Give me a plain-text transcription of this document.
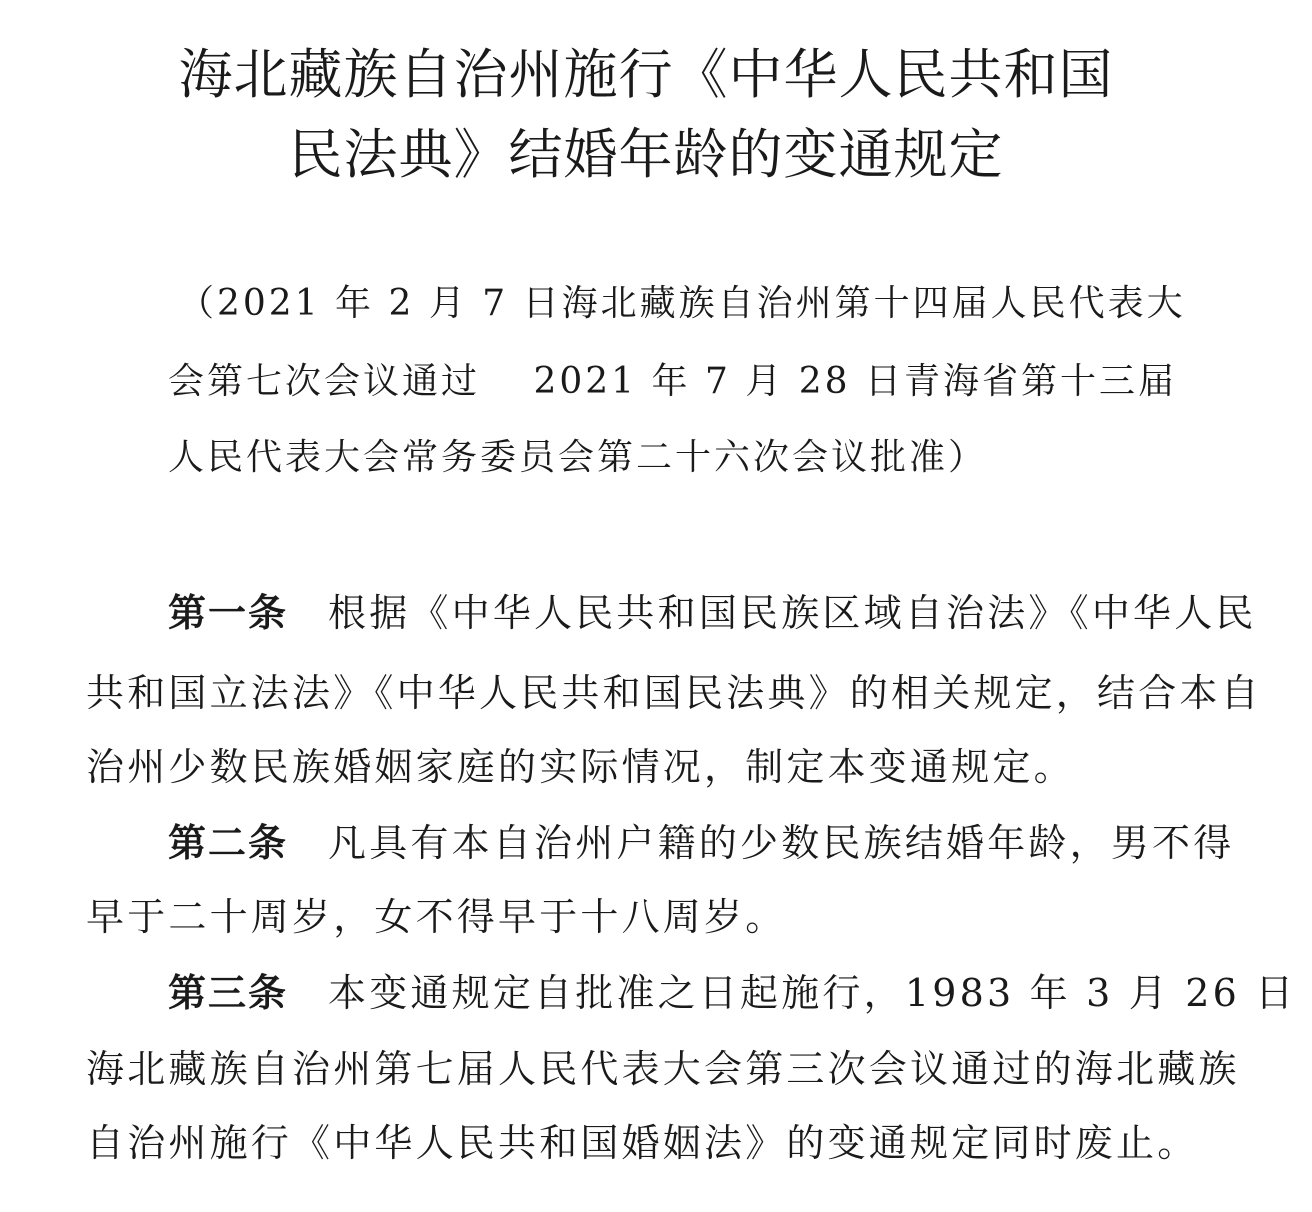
海北藏族自治州施行《中华人民共和国
民法典》结婚年龄的变通规定
（2021 年 2 月 7 日海北藏族自治州第十四届人民代表大
会第七次会议通过　 2021 年 7 月 28 日青海省第十三届
人民代表大会常务委员会第二十六次会议批准）
第一条 根据《中华人民共和国民族区域自治法》《中华人民
共和国立法法》《中华人民共和国民法典》的相关规定，结合本自
治州少数民族婚姻家庭的实际情况，制定本变通规定。
第二条 凡具有本自治州户籍的少数民族结婚年龄，男不得
早于二十周岁，女不得早于十八周岁。
第三条 本变通规定自批准之日起施行，1983 年 3 月 26 日
海北藏族自治州第七届人民代表大会第三次会议通过的海北藏族
自治州施行《中华人民共和国婚姻法》的变通规定同时废止。
